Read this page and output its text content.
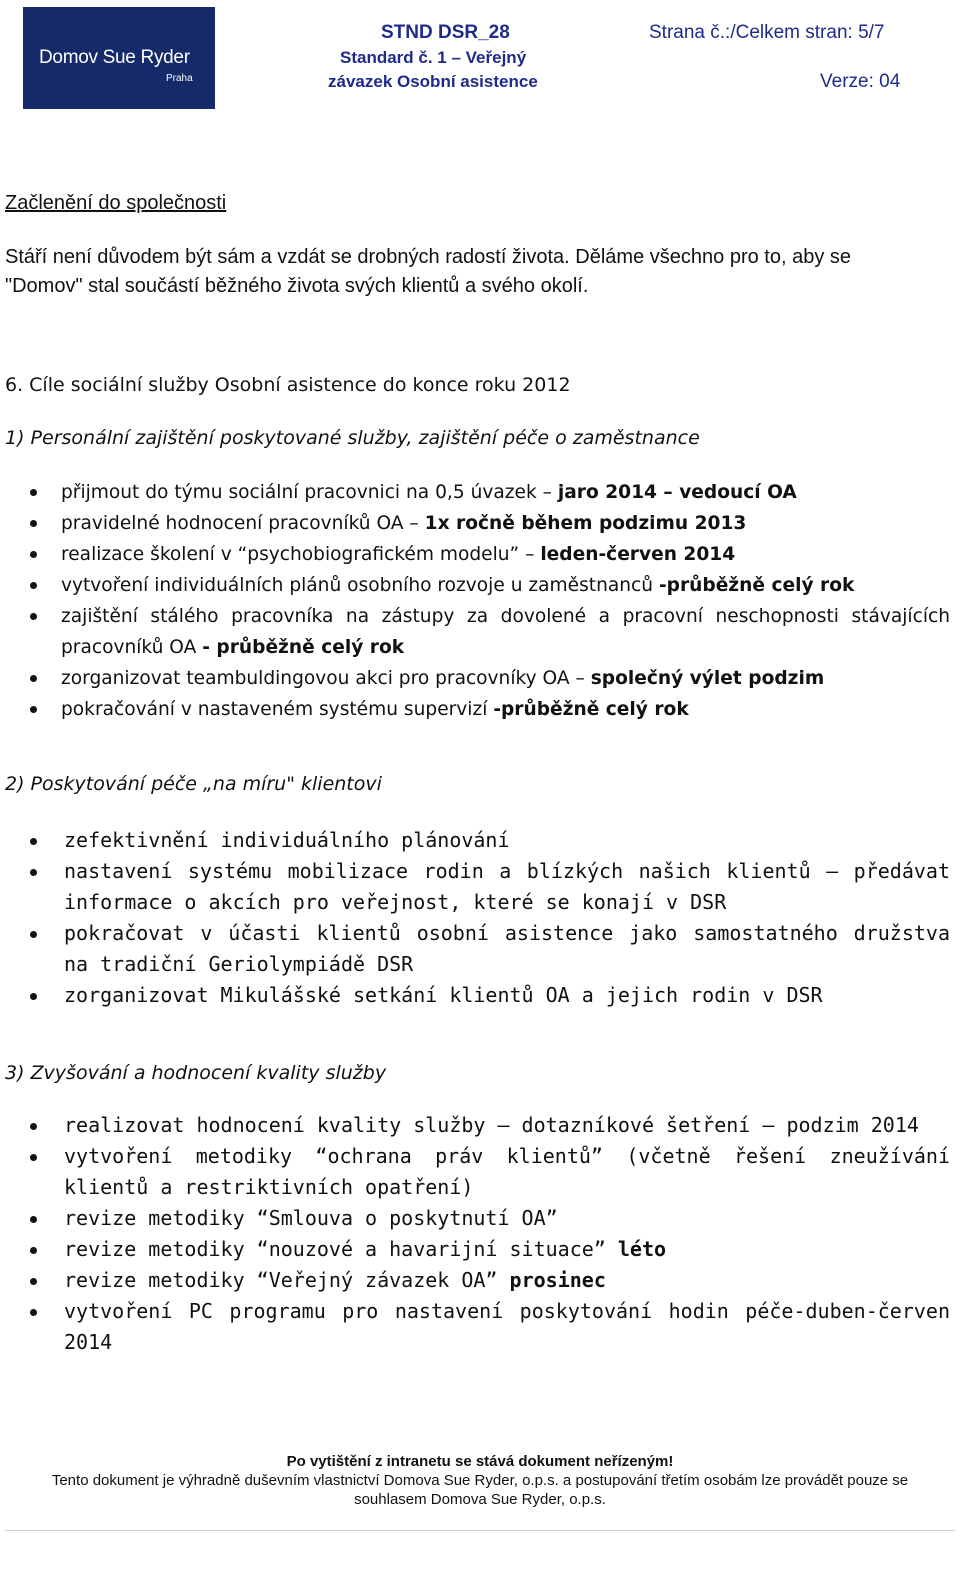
Domov Sue Ryder
Praha
STND DSR_28
Standard č. 1 – Veřejný
závazek Osobní asistence
Strana č.:/Celkem stran: 5/7
Verze: 04
Začlenění do společnosti
Stáří není důvodem být sám a vzdát se drobných radostí života. Děláme všechno pro to, aby se
"Domov" stal součástí běžného života svých klientů a svého okolí.
6. Cíle sociální služby Osobní asistence do konce roku 2012
1) Personální zajištění poskytované služby, zajištění péče o zaměstnance
přijmout do týmu sociální pracovnici na 0,5 úvazek – jaro 2014 – vedoucí OA
pravidelné hodnocení pracovníků OA – 1x ročně během podzimu 2013
realizace školení v “psychobiografickém modelu” – leden-červen 2014
vytvoření individuálních plánů osobního rozvoje u zaměstnanců -průběžně celý rok
zajištění stálého pracovníka na zástupy za dovolené a pracovní neschopnosti stávajících pracovníků OA - průběžně celý rok
zorganizovat teambuldingovou akci pro pracovníky OA – společný výlet podzim
pokračování v nastaveném systému supervizí -průběžně celý rok
2) Poskytování péče „na míru" klientovi
zefektivnění individuálního plánování
nastavení systému mobilizace rodin a blízkých našich klientů – předávat informace o akcích pro veřejnost, které se konají v DSR
pokračovat v účasti klientů osobní asistence jako samostatného družstva na tradiční Geriolympiádě DSR
zorganizovat Mikulášské setkání klientů OA a jejich rodin v DSR
3) Zvyšování a hodnocení kvality služby
realizovat hodnocení kvality služby – dotazníkové šetření – podzim 2014
vytvoření metodiky “ochrana práv klientů” (včetně řešení zneužívání klientů a restriktivních opatření)
revize metodiky “Smlouva o poskytnutí OA”
revize metodiky “nouzové a havarijní situace” léto
revize metodiky “Veřejný závazek OA” prosinec
vytvoření PC programu pro nastavení poskytování hodin péče-duben-červen 2014
Po vytištění z intranetu se stává dokument neřízeným!
Tento dokument je výhradně duševním vlastnictví Domova Sue Ryder, o.p.s. a postupování třetím osobám lze provádět pouze se
souhlasem Domova Sue Ryder, o.p.s.
